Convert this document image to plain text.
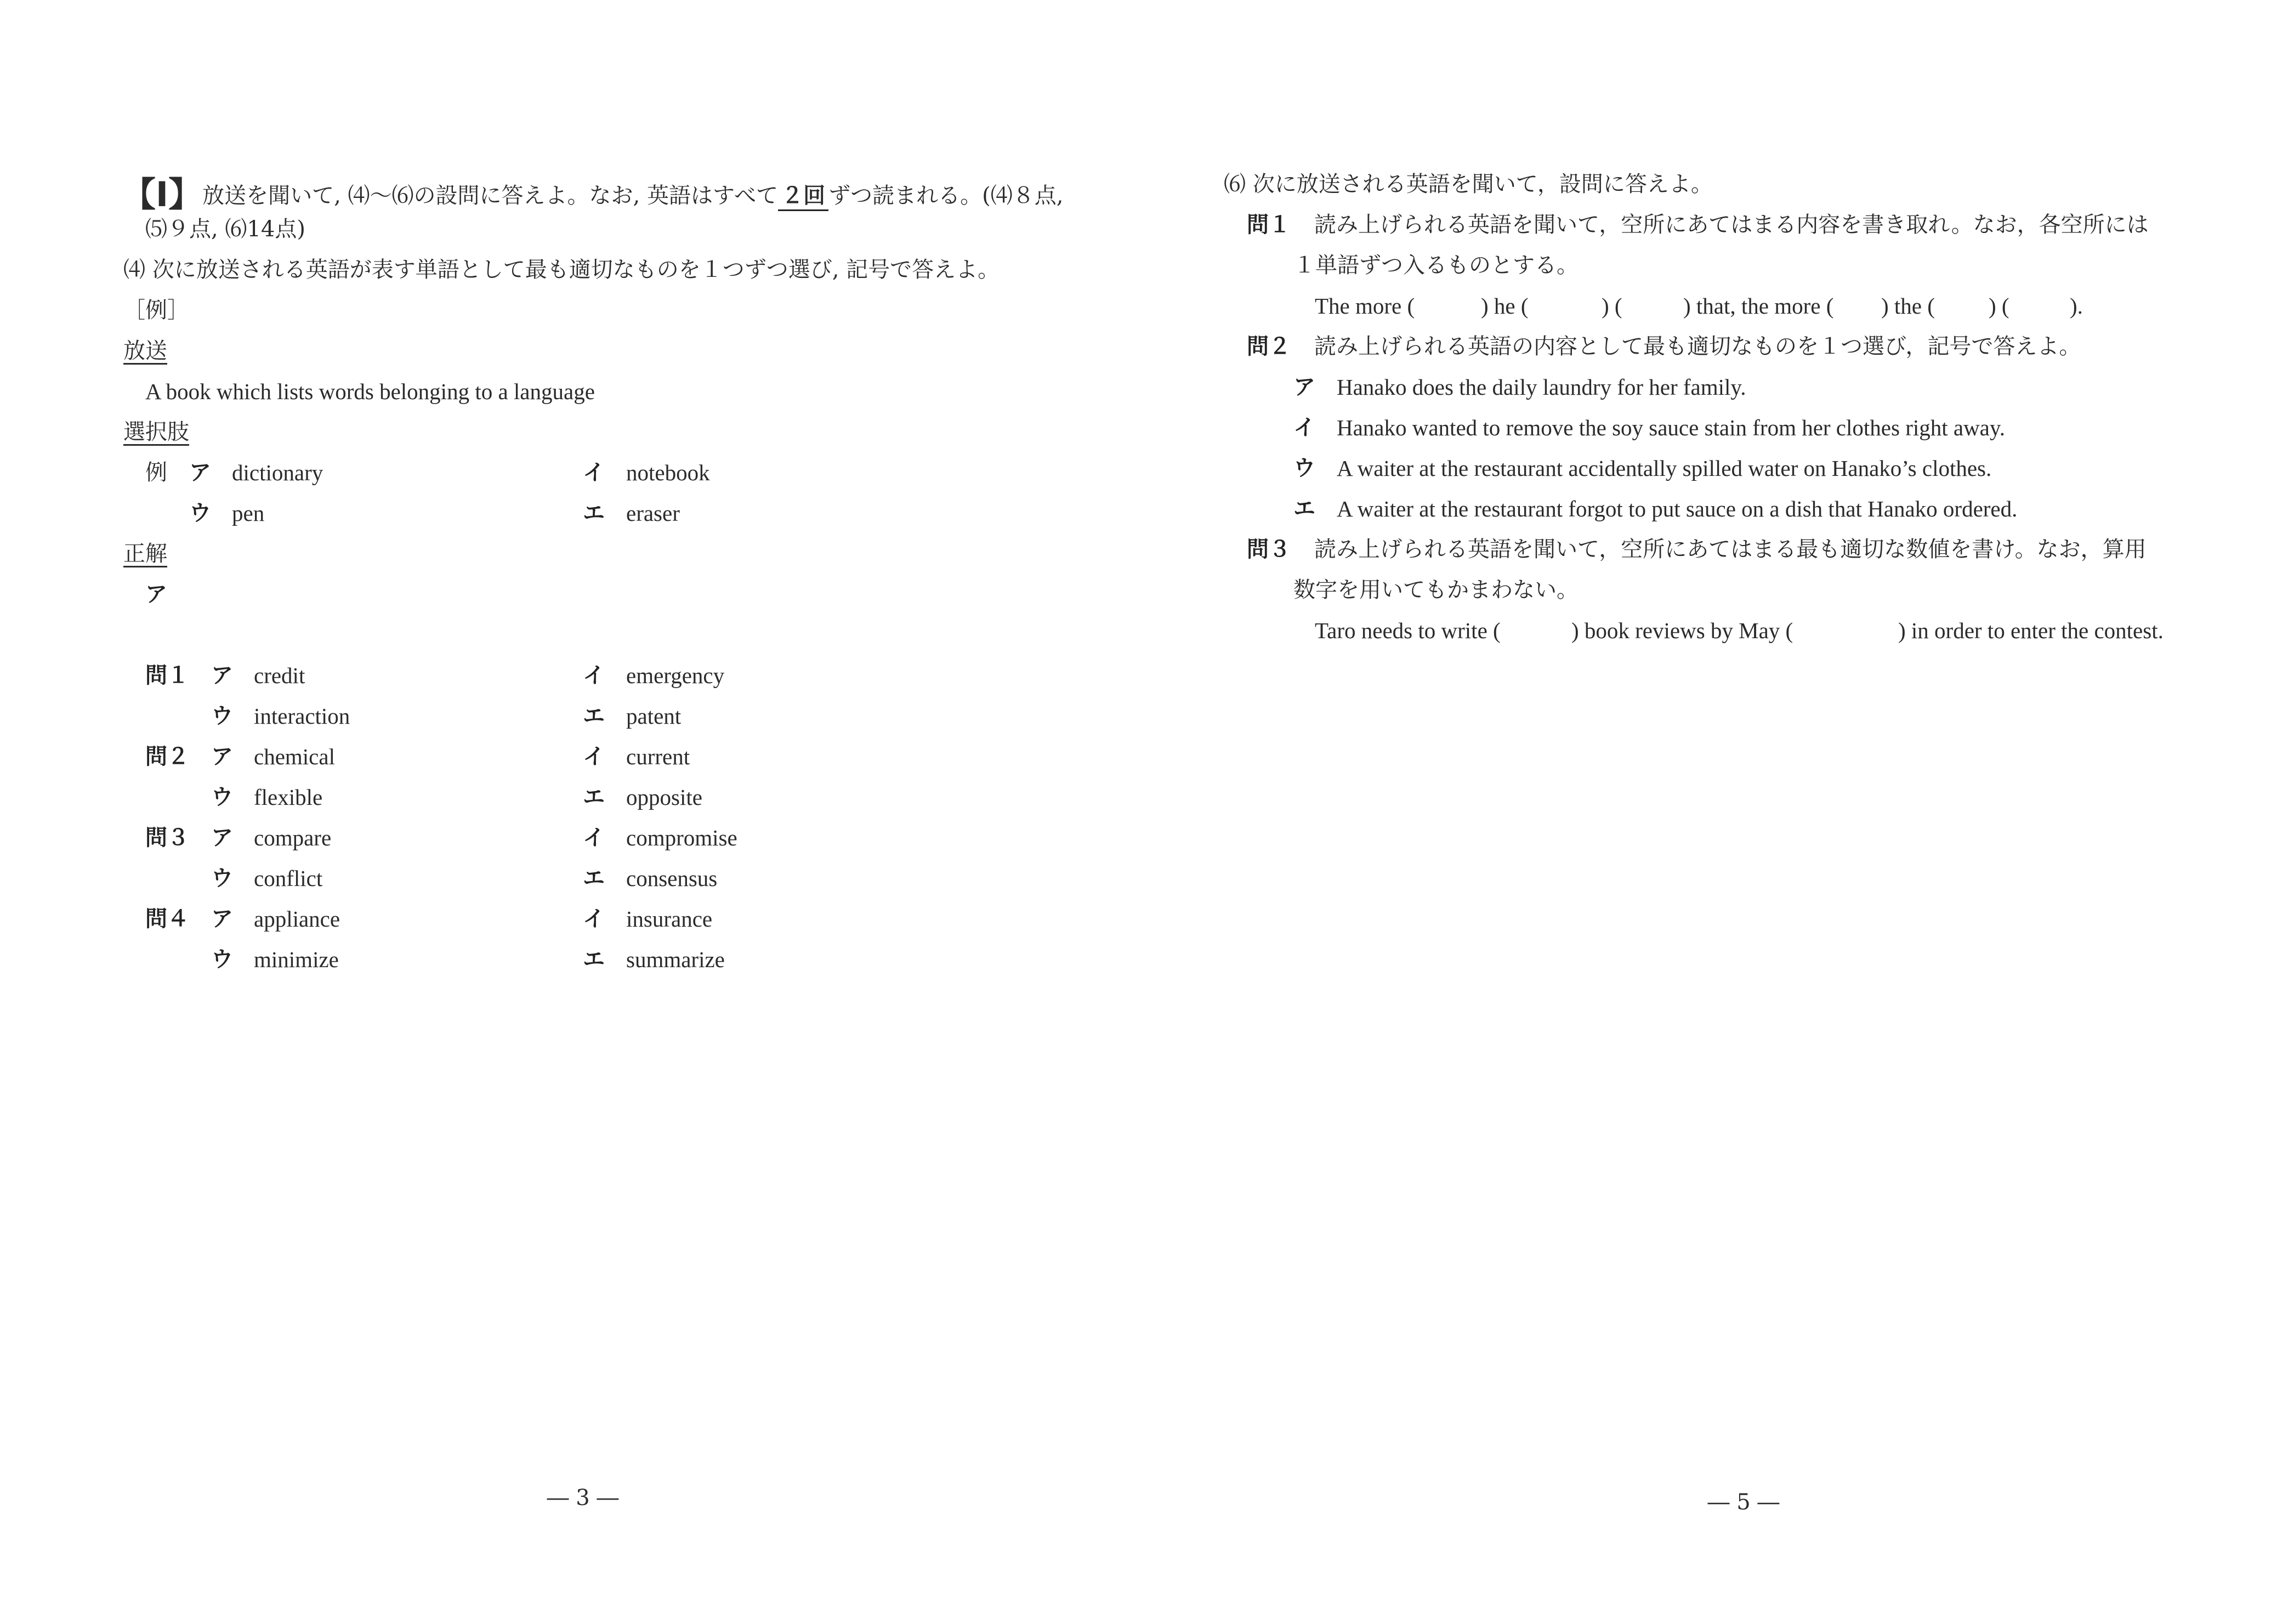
【Ⅰ】放送を聞いて, ⑷〜⑹の設問に答えよ。なお, 英語はすべて ２回 ずつ読まれる。(⑷８点,
⑸９点, ⑹14点)
⑷ 次に放送される英語が表す単語として最も適切なものを１つずつ選び, 記号で答えよ。
［例］
放送
A book which lists words belonging to a language
選択肢
例 ア dictionary	イ notebook
ウ pen	エ eraser
正解
ア
問１ ア credit	イ emergency
ウ interaction	エ patent
問２ ア chemical	イ current
ウ flexible	エ opposite
問３ ア compare	イ compromise
ウ conflict	エ consensus
問４ ア appliance	イ insurance
ウ minimize	エ summarize
― 3 ―
⑹ 次に放送される英語を聞いて，設問に答えよ。
問１ 読み上げられる英語を聞いて，空所にあてはまる内容を書き取れ。なお，各空所には
１単語ずつ入るものとする。
The more (	) he (	) (	) that, the more ( ) the ( ) (	).
問２ 読み上げられる英語の内容として最も適切なものを１つ選び，記号で答えよ。
ア Hanako does the daily laundry for her family.
イ Hanako wanted to remove the soy sauce stain from her clothes right away.
ウ A waiter at the restaurant accidentally spilled water on Hanako’s clothes.
エ A waiter at the restaurant forgot to put sauce on a dish that Hanako ordered.
問３ 読み上げられる英語を聞いて，空所にあてはまる最も適切な数値を書け。なお，算用
数字を用いてもかまわない。
Taro needs to write (	) book reviews by May (	) in order to enter the contest.
― 5 ―
